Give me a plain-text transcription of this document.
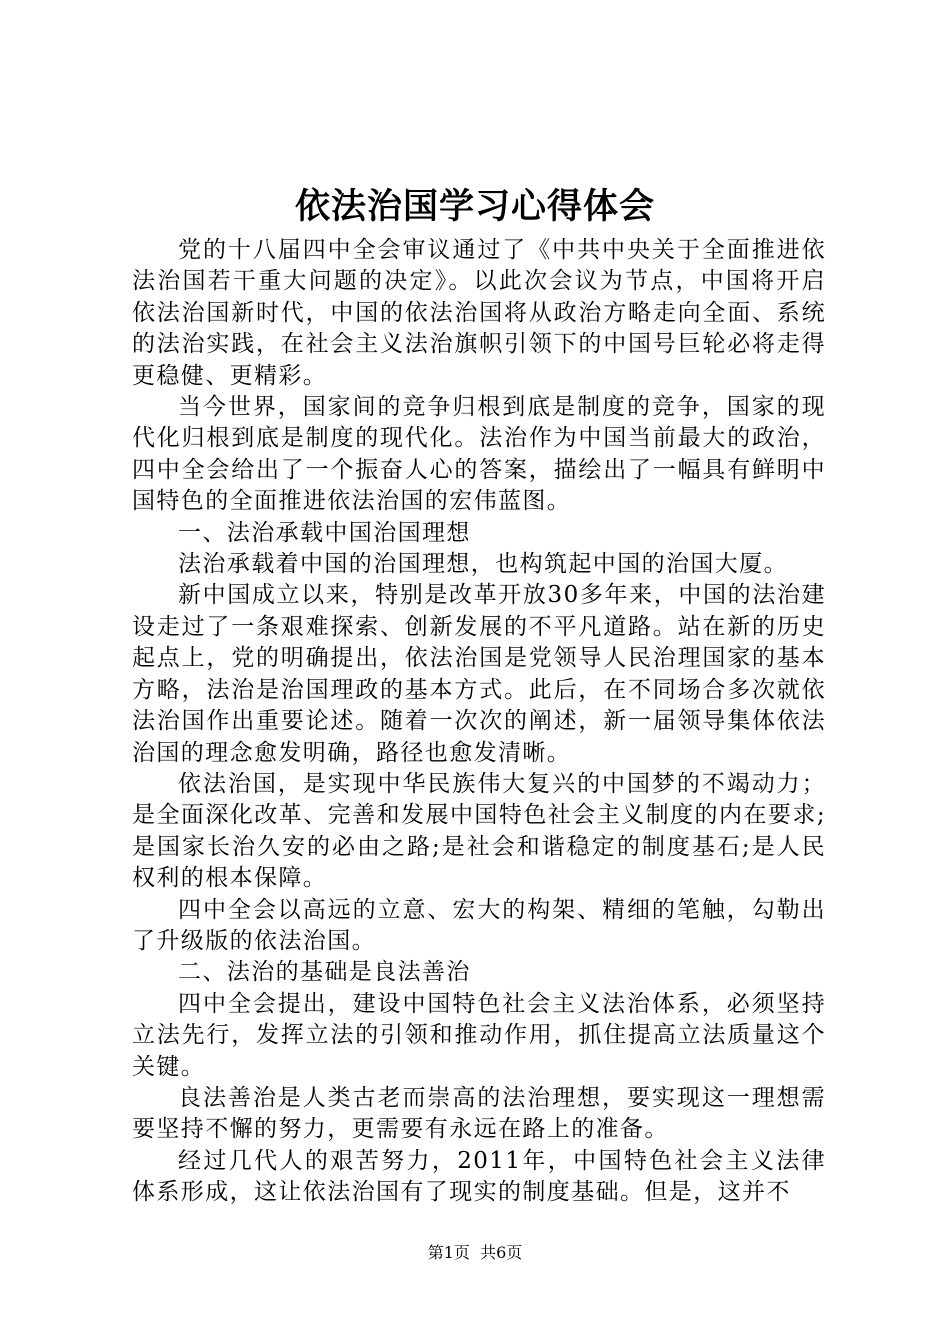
依法治国学习心得体会

党的十八届四中全会审议通过了《中共中央关于全面推进依法治国若干重大问题的决定》。以此次会议为节点，中国将开启依法治国新时代，中国的依法治国将从政治方略走向全面、系统的法治实践，在社会主义法治旗帜引领下的中国号巨轮必将走得更稳健、更精彩。

当今世界，国家间的竞争归根到底是制度的竞争，国家的现代化归根到底是制度的现代化。法治作为中国当前最大的政治，四中全会给出了一个振奋人心的答案，描绘出了一幅具有鲜明中国特色的全面推进依法治国的宏伟蓝图。

一、法治承载中国治国理想

法治承载着中国的治国理想，也构筑起中国的治国大厦。

新中国成立以来，特别是改革开放30多年来，中国的法治建设走过了一条艰难探索、创新发展的不平凡道路。站在新的历史起点上，党的明确提出，依法治国是党领导人民治理国家的基本方略，法治是治国理政的基本方式。此后，在不同场合多次就依法治国作出重要论述。随着一次次的阐述，新一届领导集体依法治国的理念愈发明确，路径也愈发清晰。

依法治国，是实现中华民族伟大复兴的中国梦的不竭动力；是全面深化改革、完善和发展中国特色社会主义制度的内在要求;是国家长治久安的必由之路;是社会和谐稳定的制度基石;是人民权利的根本保障。

四中全会以高远的立意、宏大的构架、精细的笔触，勾勒出了升级版的依法治国。

二、法治的基础是良法善治

四中全会提出，建设中国特色社会主义法治体系，必须坚持立法先行，发挥立法的引领和推动作用，抓住提高立法质量这个关键。

良法善治是人类古老而崇高的法治理想，要实现这一理想需要坚持不懈的努力，更需要有永远在路上的准备。

经过几代人的艰苦努力，2011年，中国特色社会主义法律体系形成，这让依法治国有了现实的制度基础。但是，这并不

第1页 共6页
